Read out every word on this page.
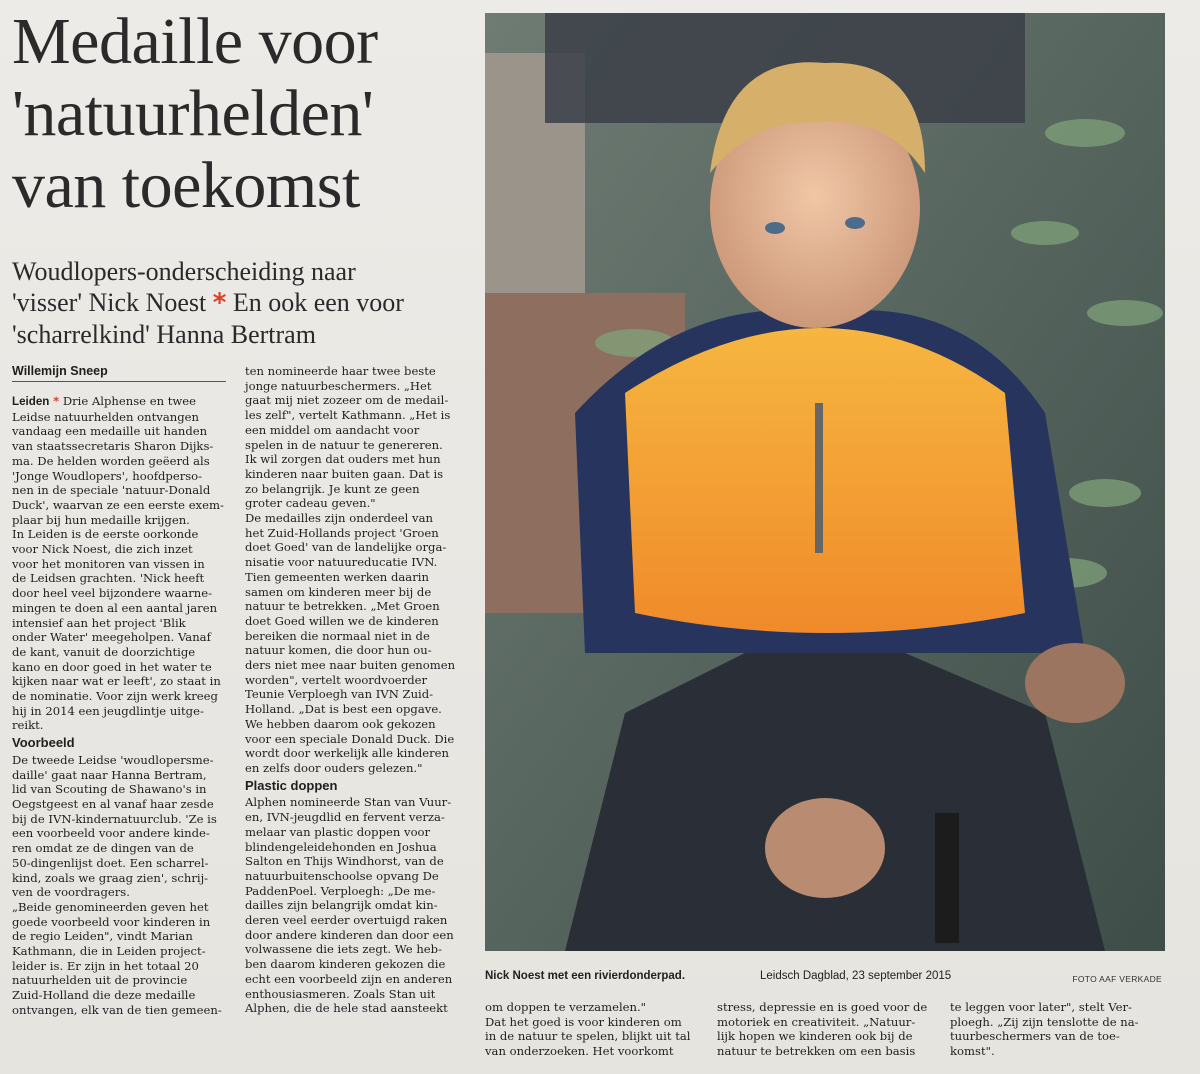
Medaille voor
'natuurhelden'
van toekomst
Woudlopers-onderscheiding naar
'visser' Nick Noest * En ook een voor
'scharrelkind' Hanna Bertram
Willemijn Sneep
Leiden * Drie Alphense en twee
Leidse natuurhelden ontvangen
vandaag een medaille uit handen
van staatssecretaris Sharon Dijks-
ma. De helden worden geëerd als
'Jonge Woudlopers', hoofdperso-
nen in de speciale 'natuur-Donald
Duck', waarvan ze een eerste exem-
plaar bij hun medaille krijgen.
In Leiden is de eerste oorkonde
voor Nick Noest, die zich inzet
voor het monitoren van vissen in
de Leidsen grachten. 'Nick heeft
door heel veel bijzondere waarne-
mingen te doen al een aantal jaren
intensief aan het project 'Blik
onder Water' meegeholpen. Vanaf
de kant, vanuit de doorzichtige
kano en door goed in het water te
kijken naar wat er leeft', zo staat in
de nominatie. Voor zijn werk kreeg
hij in 2014 een jeugdlintje uitge-
reikt.
Voorbeeld
De tweede Leidse 'woudlopersme-
daille' gaat naar Hanna Bertram,
lid van Scouting de Shawano's in
Oegstgeest en al vanaf haar zesde
bij de IVN-kindernatuurclub. 'Ze is
een voorbeeld voor andere kinde-
ren omdat ze de dingen van de
50-dingenlijst doet. Een scharrel-
kind, zoals we graag zien', schrij-
ven de voordragers.
„Beide genomineerden geven het
goede voorbeeld voor kinderen in
de regio Leiden", vindt Marian
Kathmann, die in Leiden project-
leider is. Er zijn in het totaal 20
natuurhelden uit de provincie
Zuid-Holland die deze medaille
ontvangen, elk van de tien gemeen-
ten nomineerde haar twee beste
jonge natuurbeschermers. „Het
gaat mij niet zozeer om de medail-
les zelf", vertelt Kathmann. „Het is
een middel om aandacht voor
spelen in de natuur te genereren.
Ik wil zorgen dat ouders met hun
kinderen naar buiten gaan. Dat is
zo belangrijk. Je kunt ze geen
groter cadeau geven."
De medailles zijn onderdeel van
het Zuid-Hollands project 'Groen
doet Goed' van de landelijke orga-
nisatie voor natuureducatie IVN.
Tien gemeenten werken daarin
samen om kinderen meer bij de
natuur te betrekken. „Met Groen
doet Goed willen we de kinderen
bereiken die normaal niet in de
natuur komen, die door hun ou-
ders niet mee naar buiten genomen
worden", vertelt woordvoerder
Teunie Verploegh van IVN Zuid-
Holland. „Dat is best een opgave.
We hebben daarom ook gekozen
voor een speciale Donald Duck. Die
wordt door werkelijk alle kinderen
en zelfs door ouders gelezen."
Plastic doppen
Alphen nomineerde Stan van Vuur-
en, IVN-jeugdlid en fervent verza-
melaar van plastic doppen voor
blindengeleidehonden en Joshua
Salton en Thijs Windhorst, van de
natuurbuitenschoolse opvang De
PaddenPoel. Verploegh: „De me-
dailles zijn belangrijk omdat kin-
deren veel eerder overtuigd raken
door andere kinderen dan door een
volwassene die iets zegt. We heb-
ben daarom kinderen gekozen die
echt een voorbeeld zijn en anderen
enthousiasmeren. Zoals Stan uit
Alphen, die de hele stad aansteekt
Nick Noest met een rivierdonderpad.	Leidsch Dagblad, 23 september 2015	FOTO AAF VERKADE
om doppen te verzamelen."
Dat het goed is voor kinderen om
in de natuur te spelen, blijkt uit tal
van onderzoeken. Het voorkomt
stress, depressie en is goed voor de
motoriek en creativiteit. „Natuur-
lijk hopen we kinderen ook bij de
natuur te betrekken om een basis
te leggen voor later", stelt Ver-
ploegh. „Zij zijn tenslotte de na-
tuurbeschermers van de toe-
komst".
